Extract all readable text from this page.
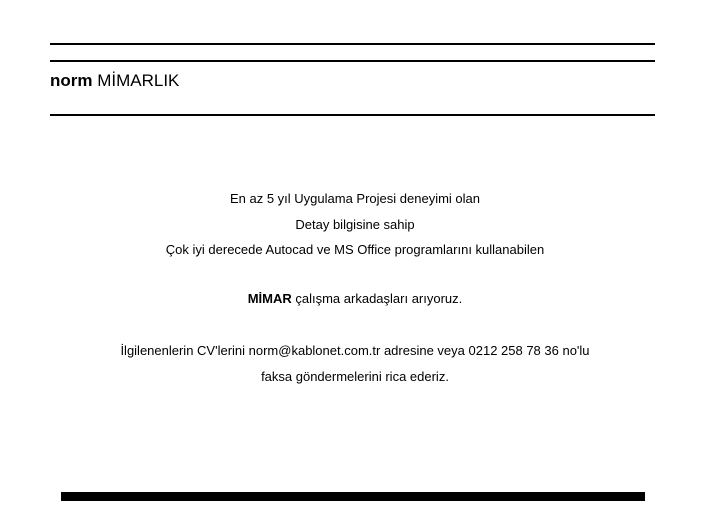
norm MİMARLIK
En az 5 yıl Uygulama Projesi deneyimi olan
Detay bilgisine sahip
Çok iyi derecede Autocad ve MS Office programlarını kullanabilen
MİMAR çalışma arkadaşları arıyoruz.
İlgilenenlerin CV'lerini norm@kablonet.com.tr adresine veya 0212 258 78 36 no'lu
faksa göndermelerini rica ederiz.
